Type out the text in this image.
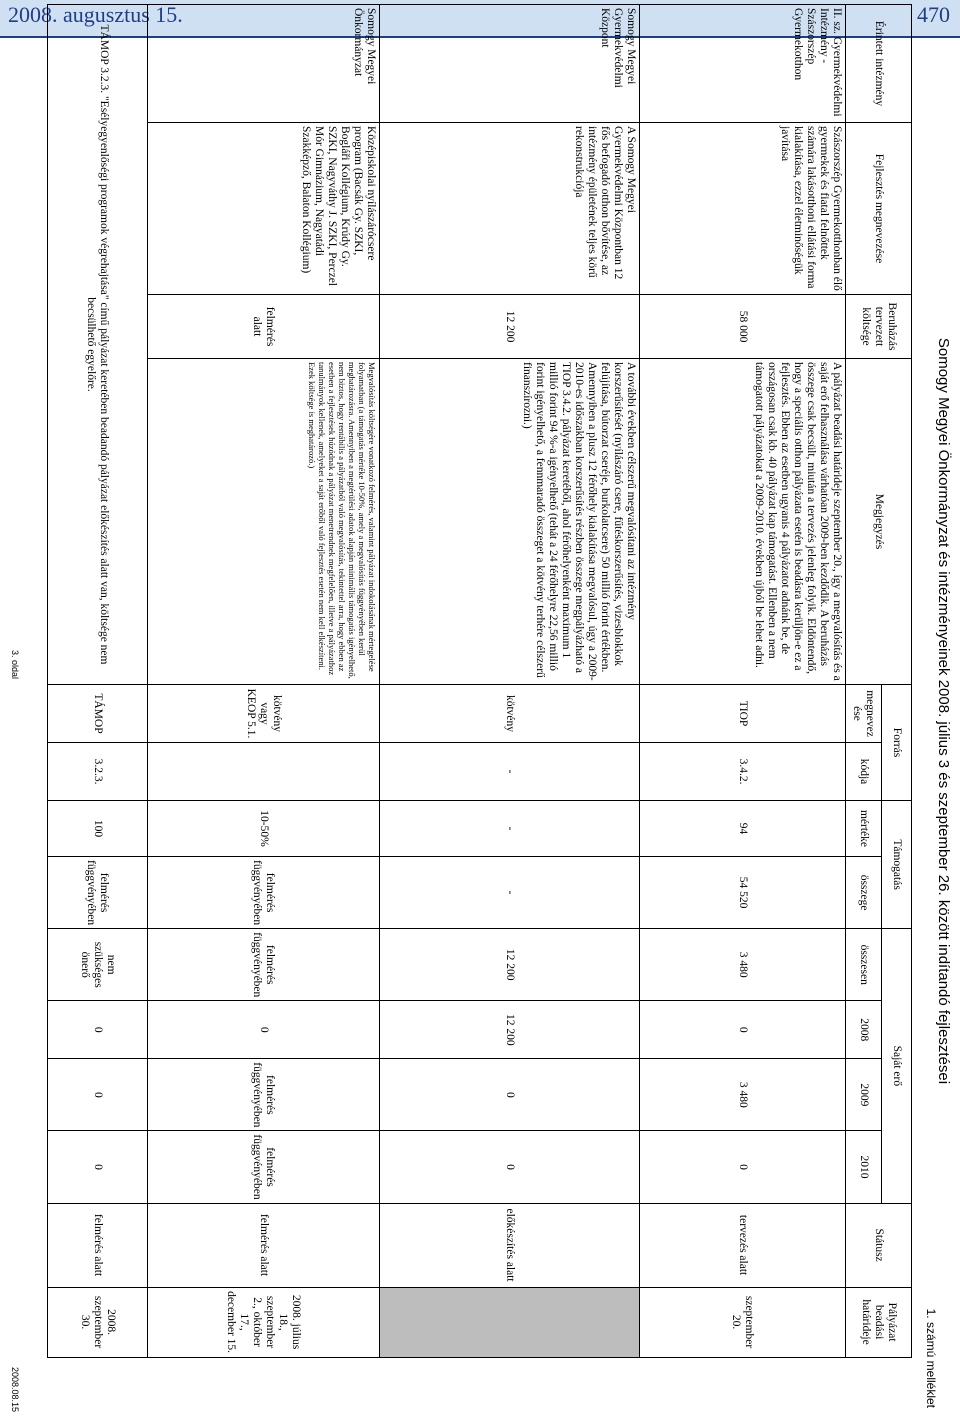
2008. augusztus 15.	470
Somogy Megyei Önkormányzat és intézményeinek 2008. július 3 és szeptember 26. között indítandó fejlesztései
1. számú melléklet
Érintett intézmény	Fejlesztés megnevezése	Beruházás tervezett költsége	Megjegyzés	Forrás		Támogatás		Saját erő				Státusz	Pályázat beadási határideje
				megnevez ése	kódja	mértéke	összege	összesen	2008	2009	2010		
II. sz. Gyermekvédelmi Intézmény - Szászorszép Gyermekotthon	Szászorszép Gyermekotthonban élő gyermekek és fiatal felnőttek számára lakásotthoni ellátási forma kialakítása, ezzel életminőségük javítása	58 000	A pályázat beadási határideje szeptember 20., így a megvalósítás és a saját erő felhasználása várhatóan 2009-ben kezdődik. A beruházás összege csak becsült, miután a tervezés jelenleg folyik. Eldöntendő, hogy a speciális otthon pályázata esetén is beadásra kerüljön-e ez a fejlesztés. Ebben az esetben ugyanis 4 pályázatot adnánk be, de országosan csak kb. 40 pályázat kap támogatást. Ellenben a nem támogatott pályázatokat a 2009-2010. években újból be lehet adni.	TIOP	3.4.2.	94	54 520	3 480	0	3 480	0	tervezés alatt	szeptember 20.
Somogy Megyei Gyermekvédelmi Központ	A Somogy Megyei Gyermekvédelmi Központban 12 fős befogadó otthon bővítése, az intézmény épületének teljes körű rekonstrukciója	12 200	A további években célszerű megvalósítani az intézmény korszerűsítését (nyílászáró csere, fűtéskorszerűsítés, vizesblokkok felújítása, bútorzat cseréje, burkolatcsere) 50 millió forint értékben. Amennyiben a plusz 12 férőhely kialakítása megvalósul, úgy a 2009-2010-es időszakban korszerűsítés részben összege megpályázható a TIOP 3.4.2. pályázat keretéből, ahol férőhelyenként maximum 1 millió forint 94 %-a igényelhető (tehát a 24 férőhelyre 22,56 millió forint igényelhető, a fennmaradó összeget a kötvény terhére célszerű finanszírozni.)	kötvény	-	-	-	12 200	12 200	0	0	előkészítés alatt	
Somogy Megyei Önkormányzat	Középiskolai nyílászárócsere program (Bacsák Gy. SZKI, Bogláři Kollégium, Krúdy Gy. SZKI, Nagyváthy J. SZKI, Perczel Mór Gimnázium, Nagyatádi Szakképző, Balaton Kollégium)	felmérés alatt	Megvalósítás költségére vonatkozó felmérés, valamint pályázat indokolásának mértegelése folyamatban (a támogatás mértéke 10-50%, amely a megvalósítás függvényében kerül meghatározásra. Amennyiben a megtérülési adatok alapján minimális támogatás igényelhető, nem biztos, hogy rentábilis a pályázatból való megvalósítás, tekintettel arra, hogy ebben az esetben a fejlesztések húzódnak a pályázat menetrendnek megfelelően, illetve a pályázathoz tanulmányok kellenek, amelyeket a saját erőből való fejlesztés esetén nem kell elkészíteni. Ezek költsége is meghatározó.)	kötvény vagy KEOP 5.1.		10-50%	felmérés függvényében	felmérés függvényében	0	felmérés függvényében	felmérés függvényében	felmérés alatt	2008. július 18., szeptember 2., október 17., december 15.
TÁMOP 3.2.3. "Esélyegyenlőségi programok végrehajtása" című pályázat keretében beadandó pályázat előkészítés alatt van, költsége nem becsülhető egyelőre.				TÁMOP	3.2.3.	100	felmérés függvényében	nem szükséges önerő	0	0	0	felmérés alatt	2008. szeptember 30.
3. oldal
2008.08.15
